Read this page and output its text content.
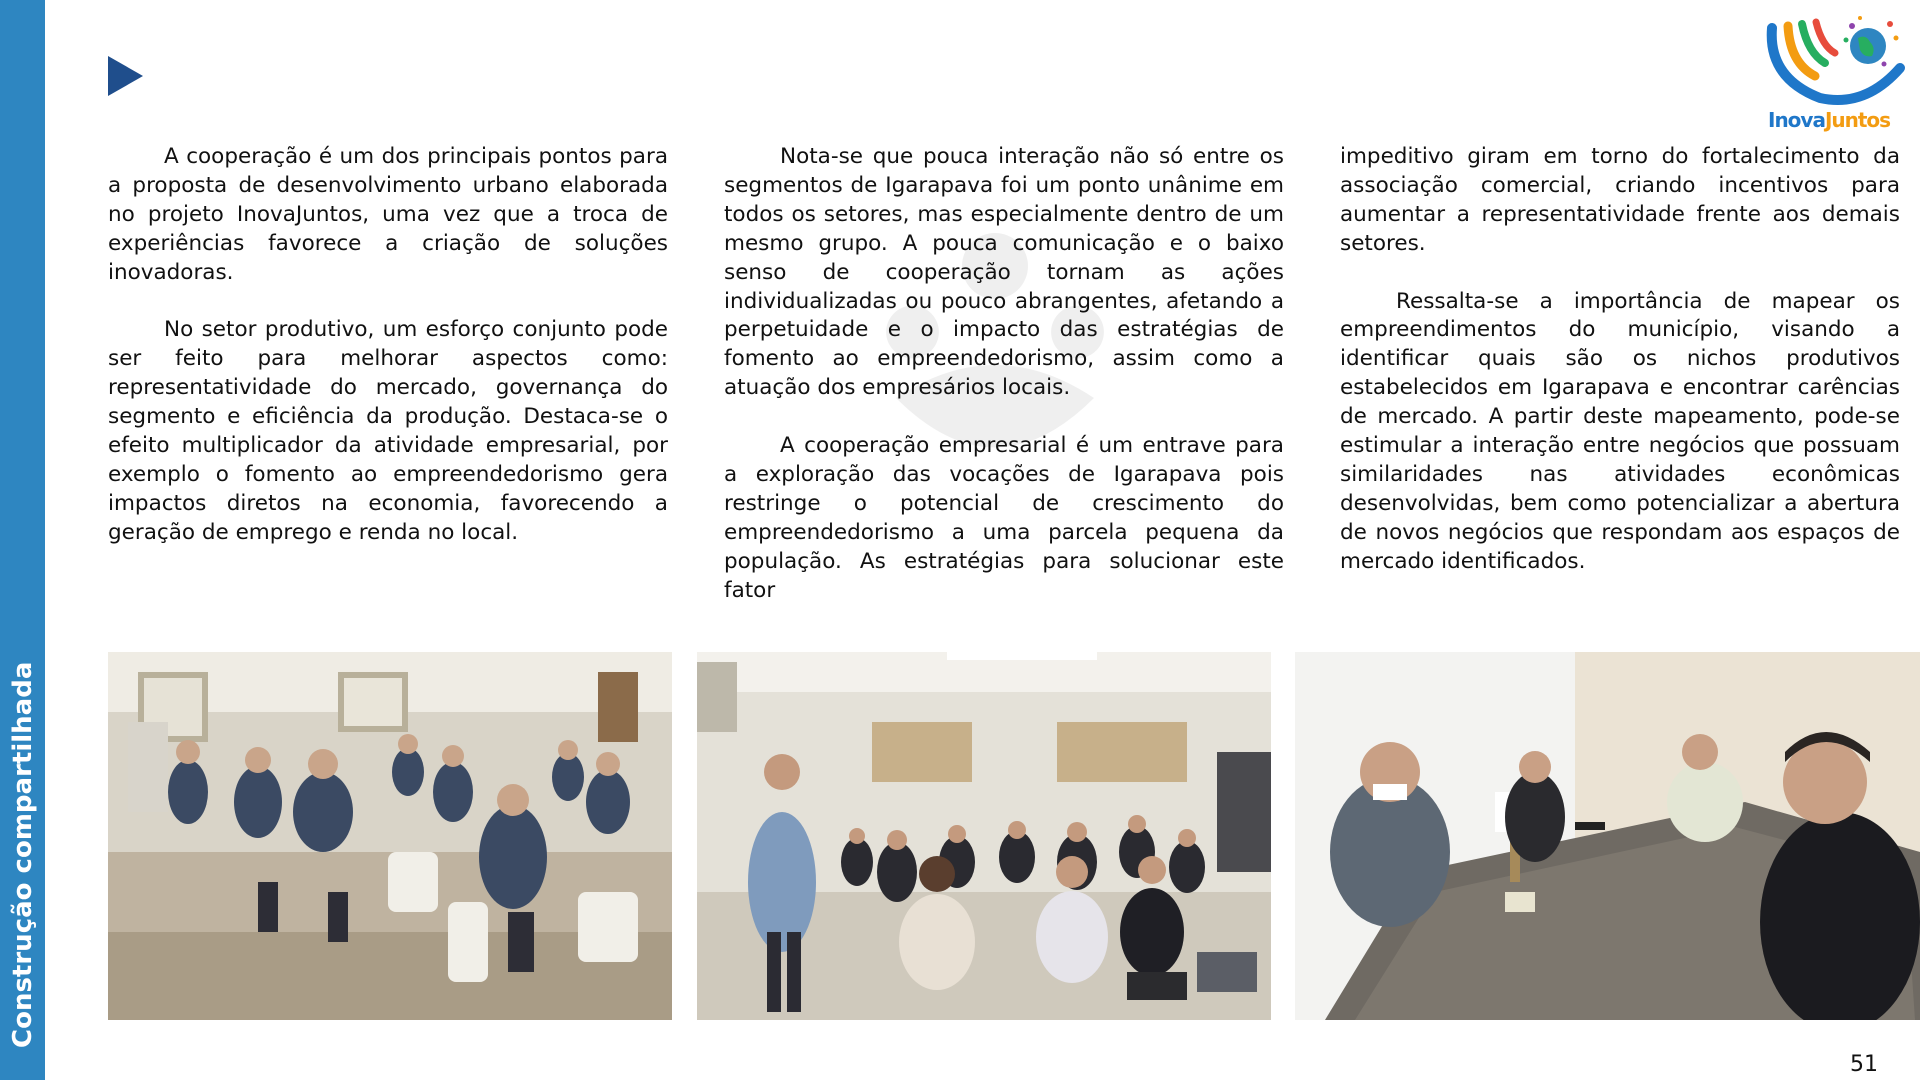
Construção compartilhada
InovaJuntos

A cooperação é um dos principais pontos para a proposta de desenvolvimento urbano elaborada no projeto InovaJuntos, uma vez que a troca de experiências favorece a criação de soluções inovadoras.

No setor produtivo, um esforço conjunto pode ser feito para melhorar aspectos como: representatividade do mercado, governança do segmento e eficiência da produção. Destaca-se o efeito multiplicador da atividade empresarial, por exemplo o fomento ao empreendedorismo gera impactos diretos na economia, favorecendo a geração de emprego e renda no local.

Nota-se que pouca interação não só entre os segmentos de Igarapava foi um ponto unânime em todos os setores, mas especialmente dentro de um mesmo grupo. A pouca comunicação e o baixo senso de cooperação tornam as ações individualizadas ou pouco abrangentes, afetando a perpetuidade e o impacto das estratégias de fomento ao empreendedorismo, assim como a atuação dos empresários locais.

A cooperação empresarial é um entrave para a exploração das vocações de Igarapava pois restringe o potencial de crescimento do empreendedorismo a uma parcela pequena da população. As estratégias para solucionar este fator

impeditivo giram em torno do fortalecimento da associação comercial, criando incentivos para aumentar a representatividade frente aos demais setores.

Ressalta-se a importância de mapear os empreendimentos do município, visando a identificar quais são os nichos produtivos estabelecidos em Igarapava e encontrar carências de mercado. A partir deste mapeamento, pode-se estimular a interação entre negócios que possuam similaridades nas atividades econômicas desenvolvidas, bem como potencializar a abertura de novos negócios que respondam aos espaços de mercado identificados.

51
